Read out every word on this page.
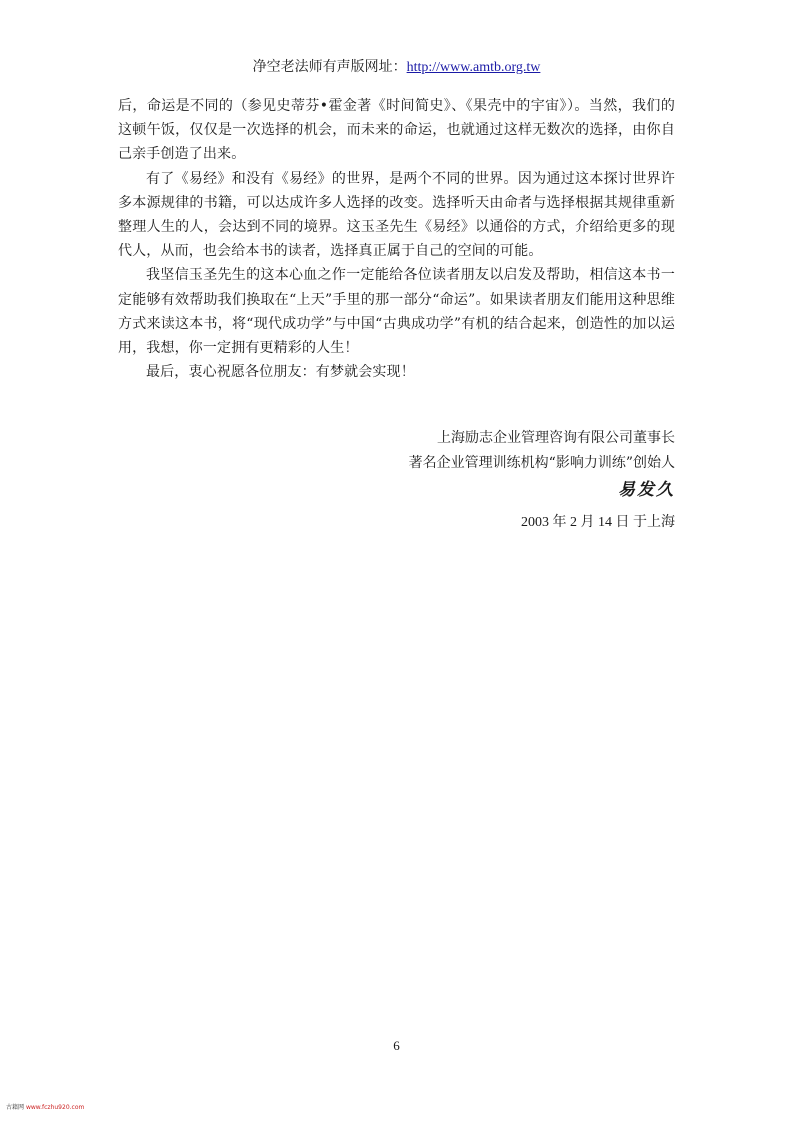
净空老法师有声版网址：http://www.amtb.org.tw

后，命运是不同的（参见史蒂芬•霍金著《时间简史》、《果壳中的宇宙》）。当然，我们的这顿午饭，仅仅是一次选择的机会，而未来的命运，也就通过这样无数次的选择，由你自己亲手创造了出来。

有了《易经》和没有《易经》的世界，是两个不同的世界。因为通过这本探讨世界许多本源规律的书籍，可以达成许多人选择的改变。选择听天由命者与选择根据其规律重新整理人生的人，会达到不同的境界。这玉圣先生《易经》以通俗的方式，介绍给更多的现代人，从而，也会给本书的读者，选择真正属于自己的空间的可能。

我坚信玉圣先生的这本心血之作一定能给各位读者朋友以启发及帮助，相信这本书一定能够有效帮助我们换取在“上天”手里的那一部分“命运”。如果读者朋友们能用这种思维方式来读这本书，将“现代成功学”与中国“古典成功学”有机的结合起来，创造性的加以运用，我想，你一定拥有更精彩的人生！

最后，衷心祝愿各位朋友：有梦就会实现！

上海励志企业管理咨询有限公司董事长
著名企业管理训练机构“影响力训练”创始人
易发久
2003 年 2 月 14 日 于上海
6
古籍网 www.fczhu920.com
